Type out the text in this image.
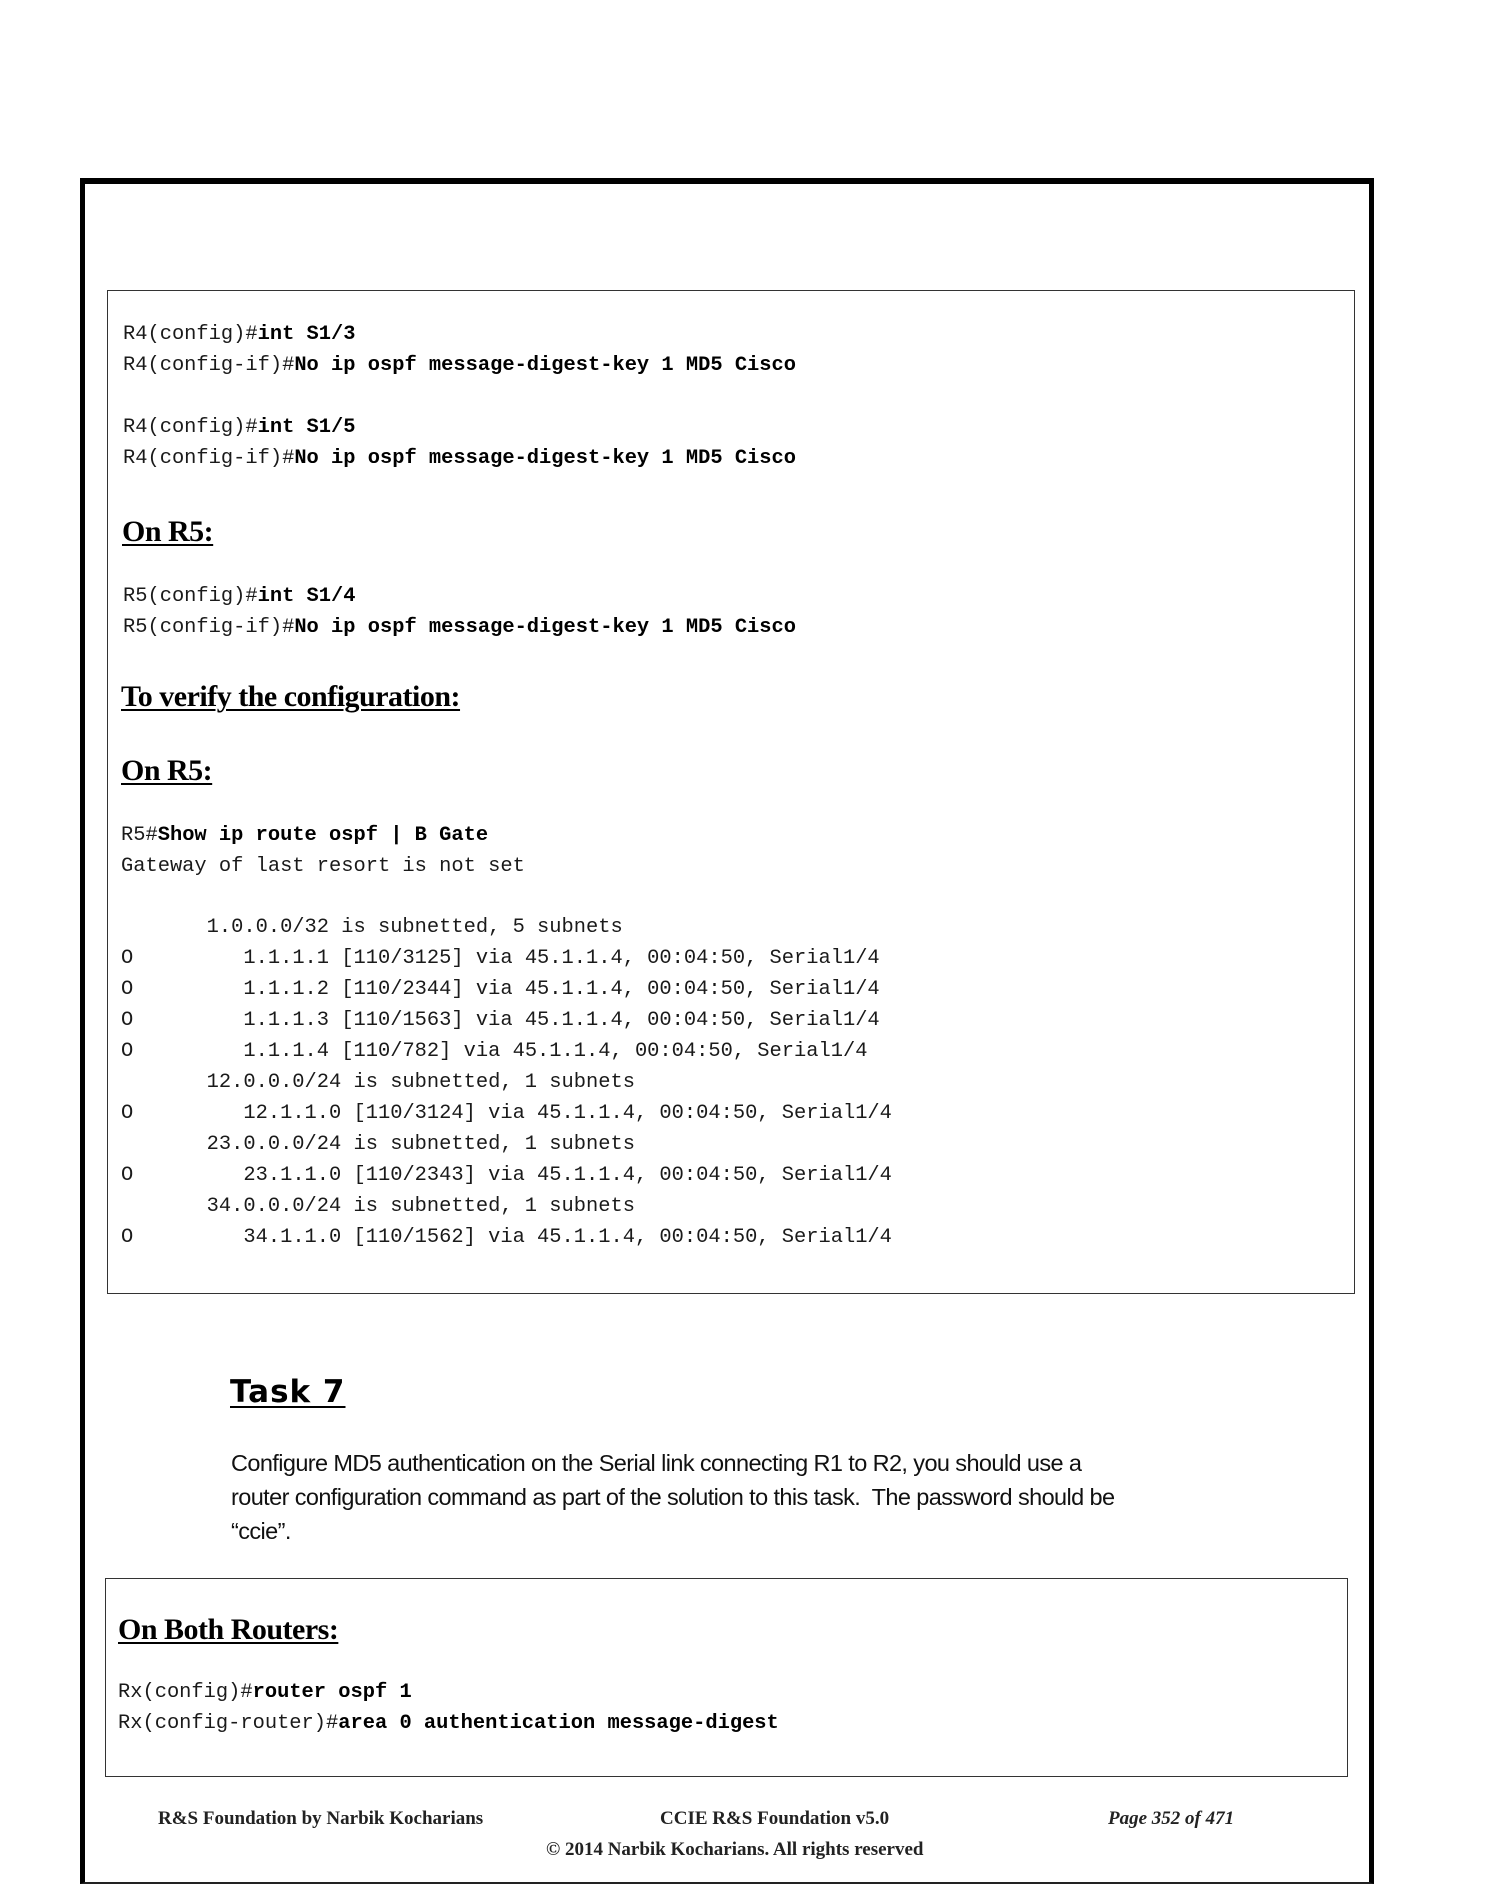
R4(config)#int S1/3
R4(config-if)#No ip ospf message-digest-key 1 MD5 Cisco
R4(config)#int S1/5
R4(config-if)#No ip ospf message-digest-key 1 MD5 Cisco
On R5:
R5(config)#int S1/4
R5(config-if)#No ip ospf message-digest-key 1 MD5 Cisco
To verify the configuration:
On R5:
R5#Show ip route ospf | B Gate
Gateway of last resort is not set
1.0.0.0/32 is subnetted, 5 subnets
O         1.1.1.1 [110/3125] via 45.1.1.4, 00:04:50, Serial1/4
O         1.1.1.2 [110/2344] via 45.1.1.4, 00:04:50, Serial1/4
O         1.1.1.3 [110/1563] via 45.1.1.4, 00:04:50, Serial1/4
O         1.1.1.4 [110/782] via 45.1.1.4, 00:04:50, Serial1/4
12.0.0.0/24 is subnetted, 1 subnets
O         12.1.1.0 [110/3124] via 45.1.1.4, 00:04:50, Serial1/4
23.0.0.0/24 is subnetted, 1 subnets
O         23.1.1.0 [110/2343] via 45.1.1.4, 00:04:50, Serial1/4
34.0.0.0/24 is subnetted, 1 subnets
O         34.1.1.0 [110/1562] via 45.1.1.4, 00:04:50, Serial1/4
Task 7
Configure MD5 authentication on the Serial link connecting R1 to R2, you should use a
router configuration command as part of the solution to this task.  The password should be
“ccie”.
On Both Routers:
Rx(config)#router ospf 1
Rx(config-router)#area 0 authentication message-digest
R&S Foundation by Narbik Kocharians	CCIE R&S Foundation v5.0	Page 352 of 471
© 2014 Narbik Kocharians. All rights reserved
